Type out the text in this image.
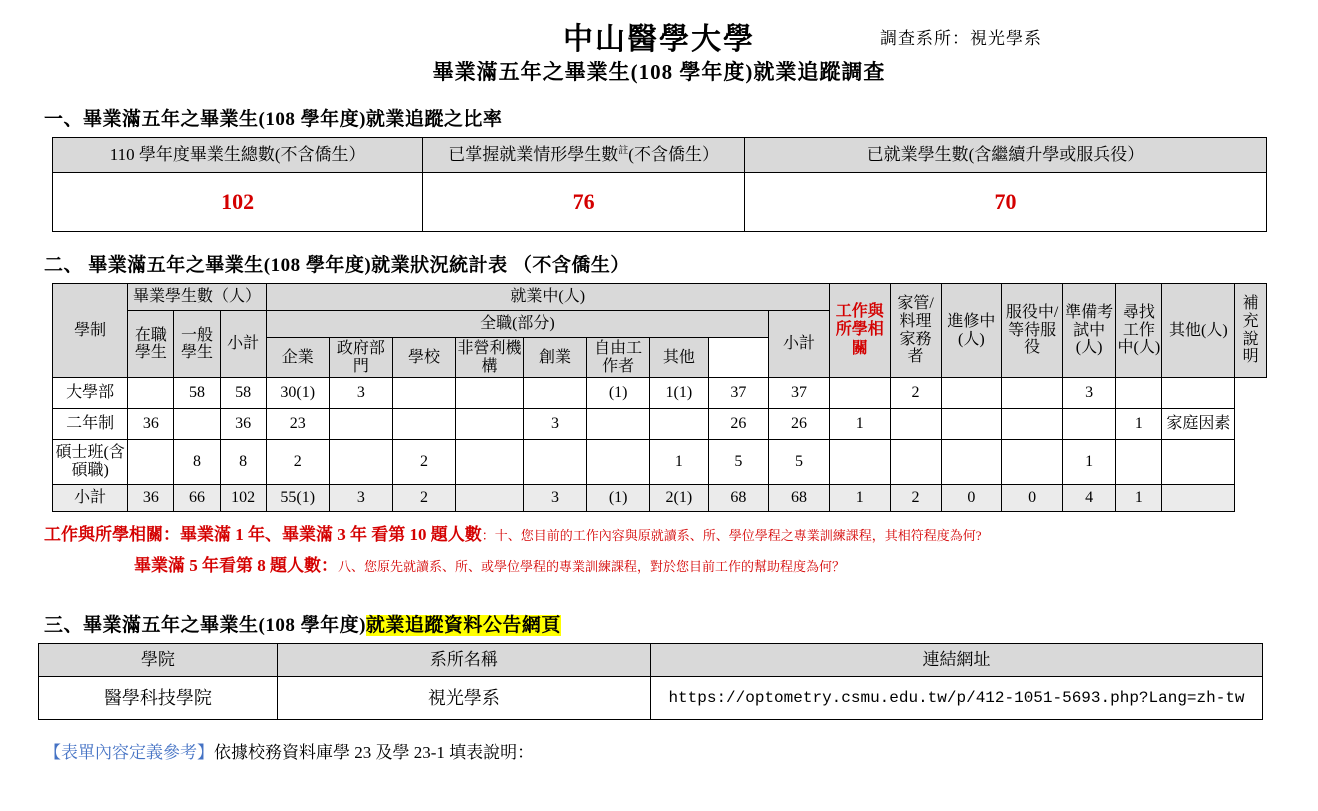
中山醫學大學	調查系所：視光學系
畢業滿五年之畢業生(108 學年度)就業追蹤調查
一、畢業滿五年之畢業生(108 學年度)就業追蹤之比率
110 學年度畢業生總數(不含僑生）	已掌握就業情形學生數$^註$(不含僑生）	已就業學生數(含繼續升學或服兵役）
102	76	70
二、 畢業滿五年之畢業生(108 學年度)就業狀況統計表 （不含僑生）
學制	畢業學生數（人）			就業中(人)									工作與所學相關	家管/料理家務者	進修中(人)	服役中/等待服役	準備考試中(人)	尋找工作中(人)	其他(人)	補充說明
	在職學生	一般學生	小計	全職(部分)								小計								
				企業	政府部門	學校	非營利機構	創業	自由工作者	其他										
大學部		58	58	30(1)	3				(1)	1(1)	37	37		2			3			
二年制	36		36	23				3			26	26	1					1	家庭因素	
碩士班(含碩職)		8	8	2		2				1	5	5					1			
小計	36	66	102	55(1)	3	2		3	(1)	2(1)	68	68	1	2	0	0	4	1		
工作與所學相關：畢業滿 1 年、畢業滿 3 年 看第 10 題人數：十、您目前的工作內容與原就讀系、所、學位學程之專業訓練課程，其相符程度為何?
畢業滿 5 年看第 8 題人數：八、您原先就讀系、所、或學位學程的專業訓練課程，對於您目前工作的幫助程度為何？
三、畢業滿五年之畢業生(108 學年度)就業追蹤資料公告網頁
學院	系所名稱	連結網址
醫學科技學院	視光學系	https://optometry.csmu.edu.tw/p/412-1051-5693.php?Lang=zh-tw
【表單內容定義參考】依據校務資料庫學 23 及學 23-1 填表說明：
